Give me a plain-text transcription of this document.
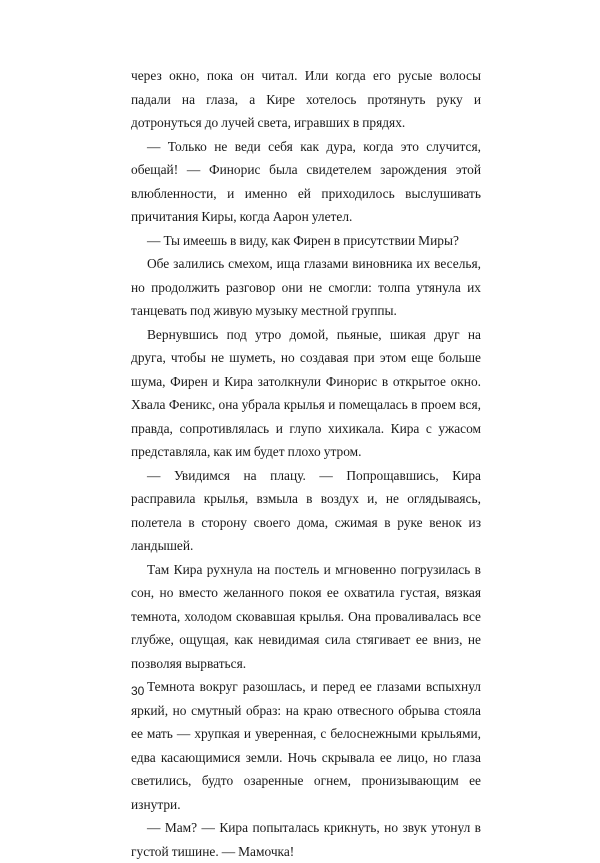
через окно, пока он читал. Или когда его русые волосы падали на глаза, а Кире хотелось протянуть руку и дотронуться до лучей света, игравших в прядях.

— Только не веди себя как дура, когда это случится, обещай! — Финорис была свидетелем зарождения этой влюбленности, и именно ей приходилось выслушивать причитания Киры, когда Аарон улетел.

— Ты имеешь в виду, как Фирен в присутствии Миры?

Обе залились смехом, ища глазами виновника их веселья, но продолжить разговор они не смогли: толпа утянула их танцевать под живую музыку местной группы.

Вернувшись под утро домой, пьяные, шикая друг на друга, чтобы не шуметь, но создавая при этом еще больше шума, Фирен и Кира затолкнули Финорис в открытое окно. Хвала Феникс, она убрала крылья и помещалась в проем вся, правда, сопротивлялась и глупо хихикала. Кира с ужасом представляла, как им будет плохо утром.

— Увидимся на плацу. — Попрощавшись, Кира расправила крылья, взмыла в воздух и, не оглядываясь, полетела в сторону своего дома, сжимая в руке венок из ландышей.

Там Кира рухнула на постель и мгновенно погрузилась в сон, но вместо желанного покоя ее охватила густая, вязкая темнота, холодом сковавшая крылья. Она проваливалась все глубже, ощущая, как невидимая сила стягивает ее вниз, не позволяя вырваться.

Темнота вокруг разошлась, и перед ее глазами вспыхнул яркий, но смутный образ: на краю отвесного обрыва стояла ее мать — хрупкая и уверенная, с белоснежными крыльями, едва касающимися земли. Ночь скрывала ее лицо, но глаза светились, будто озаренные огнем, пронизывающим ее изнутри.

— Мам? — Кира попыталась крикнуть, но звук утонул в густой тишине. — Мамочка!

30
